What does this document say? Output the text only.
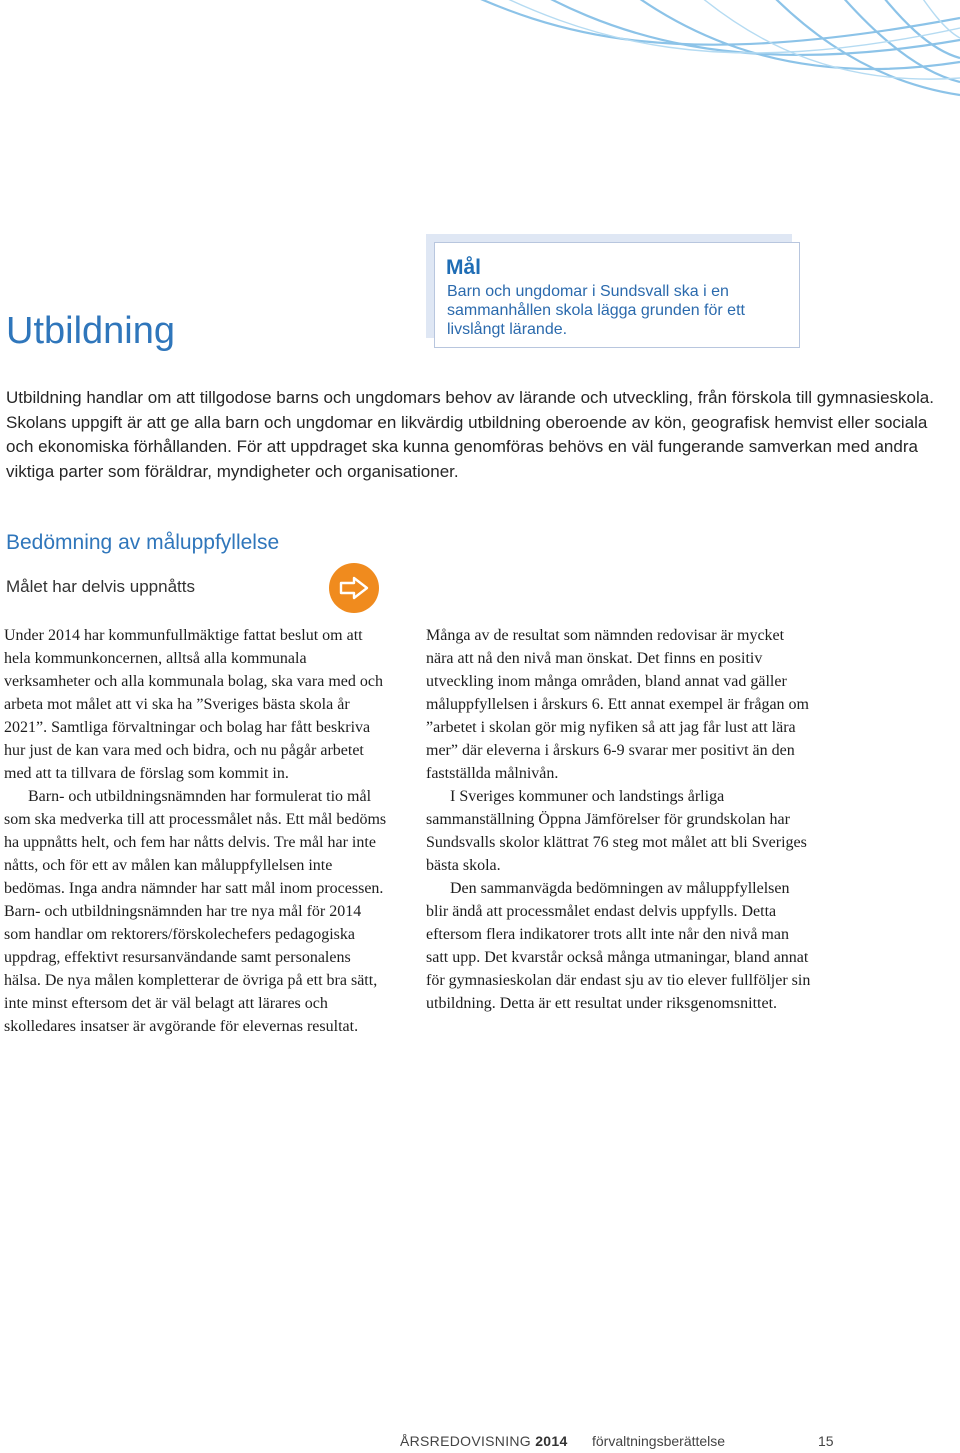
Mål
Barn och ungdomar i Sundsvall ska i en sammanhållen skola lägga grunden för ett livslångt lärande.
Utbildning
Utbildning handlar om att tillgodose barns och ungdomars behov av lärande och utveckling, från förskola till gymnasieskola. Skolans uppgift är att ge alla barn och ungdomar en likvärdig utbildning oberoende av kön, geografisk hemvist eller sociala och ekonomiska förhållanden. För att uppdraget ska kunna genomföras behövs en väl fungerande samverkan med andra viktiga parter som föräldrar, myndigheter och organisationer.
Bedömning av måluppfyllelse
Målet har delvis uppnåtts

Under 2014 har kommunfullmäktige fattat beslut om att hela kommunkoncernen, alltså alla kommunala verksamheter och alla kommunala bolag, ska vara med och arbeta mot målet att vi ska ha ”Sveriges bästa skola år 2021”. Samtliga förvaltningar och bolag har fått beskriva hur just de kan vara med och bidra, och nu pågår arbetet med att ta tillvara de förslag som kommit in.

Barn- och utbildningsnämnden har formulerat tio mål som ska medverka till att processmålet nås. Ett mål bedöms ha uppnåtts helt, och fem har nåtts delvis. Tre mål har inte nåtts, och för ett av målen kan måluppfyllelsen inte bedömas. Inga andra nämnder har satt mål inom processen. Barn- och utbildningsnämnden har tre nya mål för 2014 som handlar om rektorers/förskolechefers pedagogiska uppdrag, effektivt resursanvändande samt personalens hälsa. De nya målen kompletterar de övriga på ett bra sätt, inte minst eftersom det är väl belagt att lärares och skolledares insatser är avgörande för elevernas resultat.

Många av de resultat som nämnden redovisar är mycket nära att nå den nivå man önskat. Det finns en positiv utveckling inom många områden, bland annat vad gäller måluppfyllelsen i årskurs 6. Ett annat exempel är frågan om ”arbetet i skolan gör mig nyfiken så att jag får lust att lära mer” där eleverna i årskurs 6-9 svarar mer positivt än den fastställda målnivån.

I Sveriges kommuner och landstings årliga sammanställning Öppna Jämförelser för grundskolan har Sundsvalls skolor klättrat 76 steg mot målet att bli Sveriges bästa skola.

Den sammanvägda bedömningen av måluppfyllelsen blir ändå att processmålet endast delvis uppfylls. Detta eftersom flera indikatorer trots allt inte når den nivå man satt upp. Det kvarstår också många utmaningar, bland annat för gymnasieskolan där endast sju av tio elever fullföljer sin utbildning. Detta är ett resultat under riksgenomsnittet.

ÅRSREDOVISNING 2014 förvaltningsberättelse	15
